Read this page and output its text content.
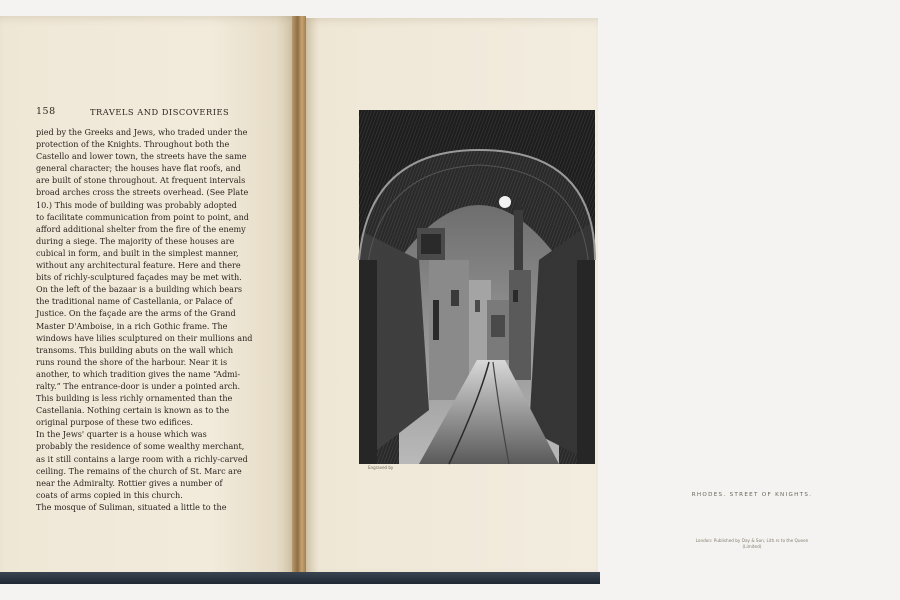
158	TRAVELS AND DISCOVERIES
pied by the Greeks and Jews, who traded under the
protection of the Knights. Throughout both the
Castello and lower town, the streets have the same
general character; the houses have flat roofs, and
are built of stone throughout. At frequent intervals
broad arches cross the streets overhead. (See Plate
10.) This mode of building was probably adopted
to facilitate communication from point to point, and
afford additional shelter from the fire of the enemy
during a siege. The majority of these houses are
cubical in form, and built in the simplest manner,
without any architectural feature. Here and there
bits of richly-sculptured façades may be met with.
On the left of the bazaar is a building which bears
the traditional name of Castellania, or Palace of
Justice. On the façade are the arms of the Grand
Master D'Amboise, in a rich Gothic frame. The
windows have lilies sculptured on their mullions and
transoms. This building abuts on the wall which
runs round the shore of the harbour. Near it is
another, to which tradition gives the name “Admi-
ralty.” The entrance-door is under a pointed arch.
This building is less richly ornamented than the
Castellania. Nothing certain is known as to the
original purpose of these two edifices.
In the Jews' quarter is a house which was
probably the residence of some wealthy merchant,
as it still contains a large room with a richly-carved
ceiling. The remains of the church of St. Marc are
near the Admiralty. Rottier gives a number of
coats of arms copied in this church.
The mosque of Suliman, situated a little to the
Engraved by
RHODES. STREET OF KNIGHTS.
London: Published by Day & Son, Lith.rs to the Queen
(Limited)
